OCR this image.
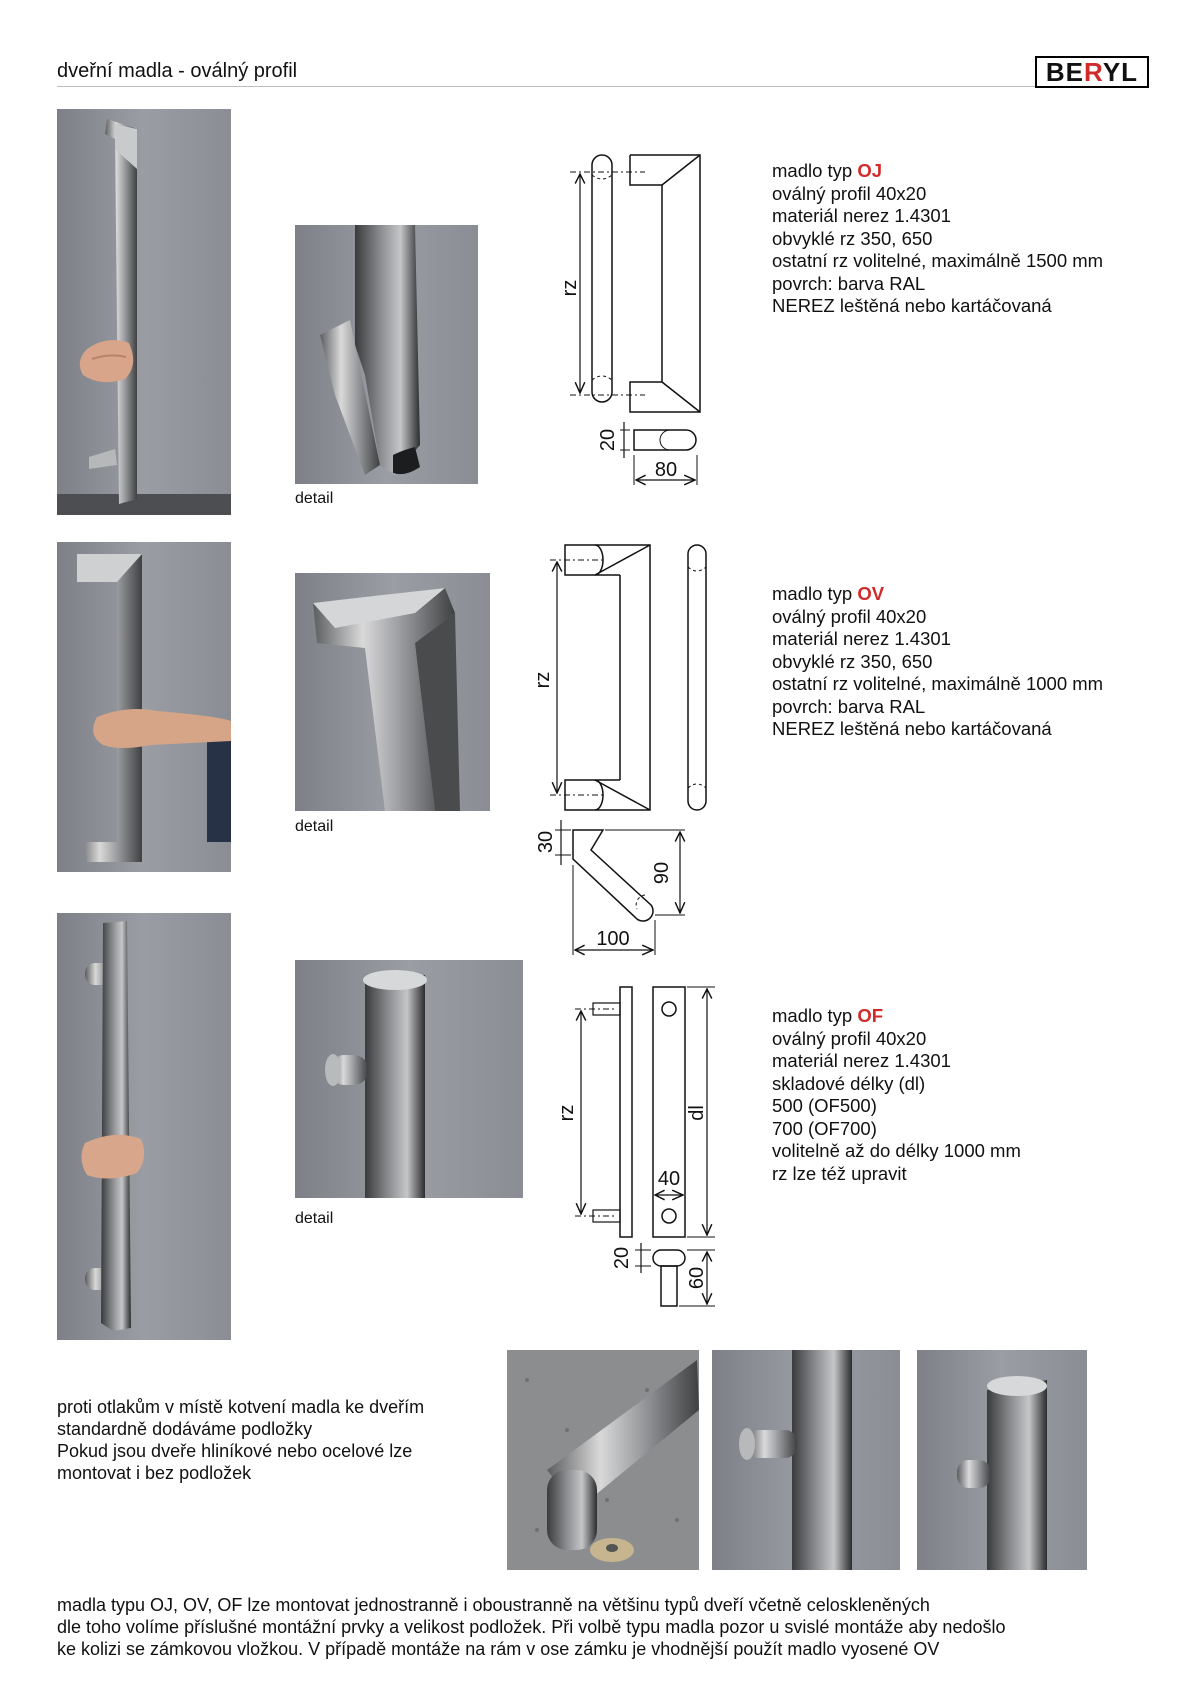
dveřní madla - oválný profil	BERYL
detail
rz
20
80
madlo typ OJ
oválný profil 40x20
materiál nerez 1.4301
obvyklé rz 350, 650
ostatní rz volitelné, maximálně 1500 mm
povrch: barva RAL
NEREZ leštěná nebo kartáčovaná
detail
rz
30
90
100
madlo typ OV
oválný profil 40x20
materiál nerez 1.4301
obvyklé rz 350, 650
ostatní rz volitelné, maximálně 1000 mm
povrch: barva RAL
NEREZ leštěná nebo kartáčovaná
detail
rz	dl
40
20
60
madlo typ OF
oválný profil 40x20
materiál nerez 1.4301
skladové délky (dl)
500 (OF500)
700 (OF700)
volitelně až do délky 1000 mm
rz lze též upravit
proti otlakům v místě kotvení madla ke dveřím
standardně dodáváme podložky
Pokud jsou dveře hliníkové nebo ocelové lze
montovat i bez podložek
madla typu OJ, OV, OF lze montovat jednostranně i oboustranně na většinu typů dveří včetně celoskleněných
dle toho volíme příslušné montážní prvky a velikost podložek. Při volbě typu madla pozor u svislé montáže aby nedošlo
ke kolizi se zámkovou vložkou. V případě montáže na rám v ose zámku je vhodnější použít madlo vyosené OV
